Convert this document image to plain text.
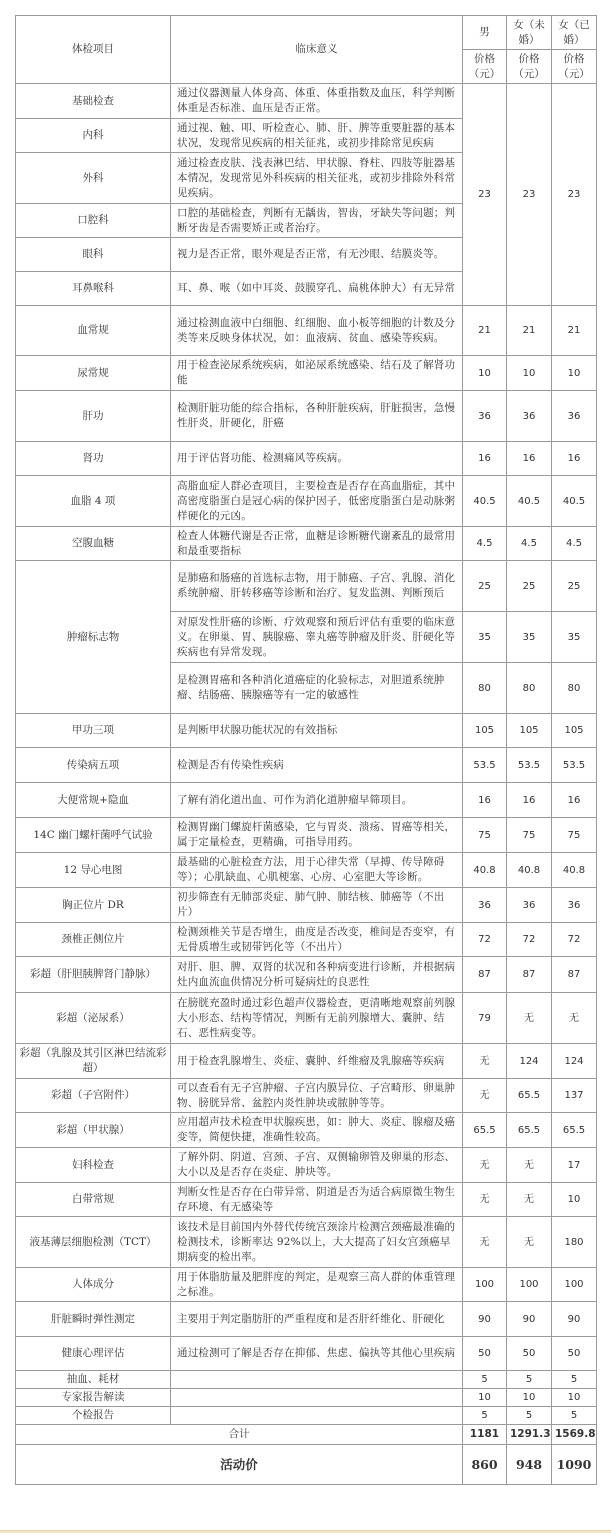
体检项目	临床意义	男	女（未婚）	女（已婚）
		价格（元）	价格（元）	价格（元）
基础检查	通过仪器测量人体身高、体重、体重指数及血压，科学判断体重是否标准、血压是否正常。	23	23	23
内科	通过视、触、叩、听检查心、肺、肝、脾等重要脏器的基本状况，发现常见疾病的相关征兆，或初步排除常见疾病			
外科	通过检查皮肤、浅表淋巴结、甲状腺、脊柱、四肢等脏器基本情况，发现常见外科疾病的相关征兆，或初步排除外科常见疾病。			
口腔科	口腔的基础检查，判断有无龋齿，智齿，牙缺失等问题；判断牙齿是否需要矫正或者治疗。			
眼科	视力是否正常，眼外观是否正常，有无沙眼、结膜炎等。			
耳鼻喉科	耳、鼻、喉（如中耳炎、鼓膜穿孔、扁桃体肿大）有无异常			
血常规	通过检测血液中白细胞、红细胞、血小板等细胞的计数及分类等来反映身体状况，如：血液病、贫血、感染等疾病。	21	21	21
尿常规	用于检查泌尿系统疾病，如泌尿系统感染、结石及了解肾功能	10	10	10
肝功	检测肝脏功能的综合指标，各种肝脏疾病，肝脏损害，急慢性肝炎，肝硬化，肝癌	36	36	36
肾功	用于评估肾功能、检测痛风等疾病。	16	16	16
血脂 4 项	高脂血症人群必查项目，主要检查是否存在高血脂症，其中高密度脂蛋白是冠心病的保护因子，低密度脂蛋白是动脉粥样硬化的元凶。	40.5	40.5	40.5
空腹血糖	检查人体糖代谢是否正常，血糖是诊断糖代谢紊乱的最常用和最重要指标	4.5	4.5	4.5
肿瘤标志物	是肺癌和肠癌的首选标志物，用于肺癌、子宫、乳腺、消化系统肿瘤、肝转移癌等诊断和治疗、复发监测、判断预后	25	25	25
	对原发性肝癌的诊断、疗效观察和预后评估有重要的临床意义。在卵巢、胃、胰腺癌、睾丸癌等肿瘤及肝炎、肝硬化等疾病也有异常发现。	35	35	35
	是检测胃癌和各种消化道癌症的化验标志，对胆道系统肿瘤、结肠癌、胰腺癌等有一定的敏感性	80	80	80
甲功三项	是判断甲状腺功能状况的有效指标	105	105	105
传染病五项	检测是否有传染性疾病	53.5	53.5	53.5
大便常规+隐血	了解有消化道出血、可作为消化道肿瘤早筛项目。	16	16	16
14C 幽门螺杆菌呼气试验	检测胃幽门螺旋杆菌感染，它与胃炎、溃疡、胃癌等相关，属于定量检查，更精确，可指导用药。	75	75	75
12 导心电图	最基础的心脏检查方法，用于心律失常（早搏、传导障碍等）；心肌缺血、心肌梗塞、心房、心室肥大等诊断。	40.8	40.8	40.8
胸正位片 DR	初步筛查有无肺部炎症、肺气肿、肺结核、肺癌等（不出片）	36	36	36
颈椎正侧位片	检测颈椎关节是否增生，曲度是否改变，椎间是否变窄，有无骨质增生或韧带钙化等（不出片）	72	72	72
彩超（肝胆胰脾肾门静脉）	对肝、胆、脾、双肾的状况和各种病变进行诊断，并根据病灶内血流血供情况分析可疑病灶的良恶性	87	87	87
彩超（泌尿系）	在膀胱充盈时通过彩色超声仪器检查，更清晰地观察前列腺大小形态、结构等情况，判断有无前列腺增大、囊肿、结石、恶性病变等。	79	无	无
彩超（乳腺及其引区淋巴结流彩超）	用于检查乳腺增生、炎症、囊肿、纤维瘤及乳腺癌等疾病	无	124	124
彩超（子宫附件）	可以查看有无子宫肿瘤、子宫内膜异位、子宫畸形、卵巢肿物、膀胱异常、盆腔内炎性肿块或脓肿等等。	无	65.5	137
彩超（甲状腺）	应用超声技术检查甲状腺疾患，如：肿大、炎症、腺瘤及癌变等，简便快捷，准确性较高。	65.5	65.5	65.5
妇科检查	了解外阴、阴道、宫颈、子宫、双侧输卵管及卵巢的形态、大小以及是否存在炎症、肿块等。	无	无	17
白带常规	判断女性是否存在白带异常、阴道是否为适合病原微生物生存环境、有无感染等	无	无	10
液基薄层细胞检测（TCT）	该技术是目前国内外替代传统宫颈涂片检测宫颈癌最准确的检测技术，诊断率达 92%以上，大大提高了妇女宫颈癌早期病变的检出率。	无	无	180
人体成分	用于体脂肪量及肥胖度的判定，是观察三高人群的体重管理之标准。	100	100	100
肝脏瞬时弹性测定	主要用于判定脂肪肝的严重程度和是否肝纤维化、肝硬化	90	90	90
健康心理评估	通过检测可了解是否存在抑郁、焦虑、偏执等其他心里疾病	50	50	50
抽血、耗材		5	5	5
专家报告解读		10	10	10
个检报告		5	5	5
合计		1181	1291.3	1569.8
活动价		860	948	1090
